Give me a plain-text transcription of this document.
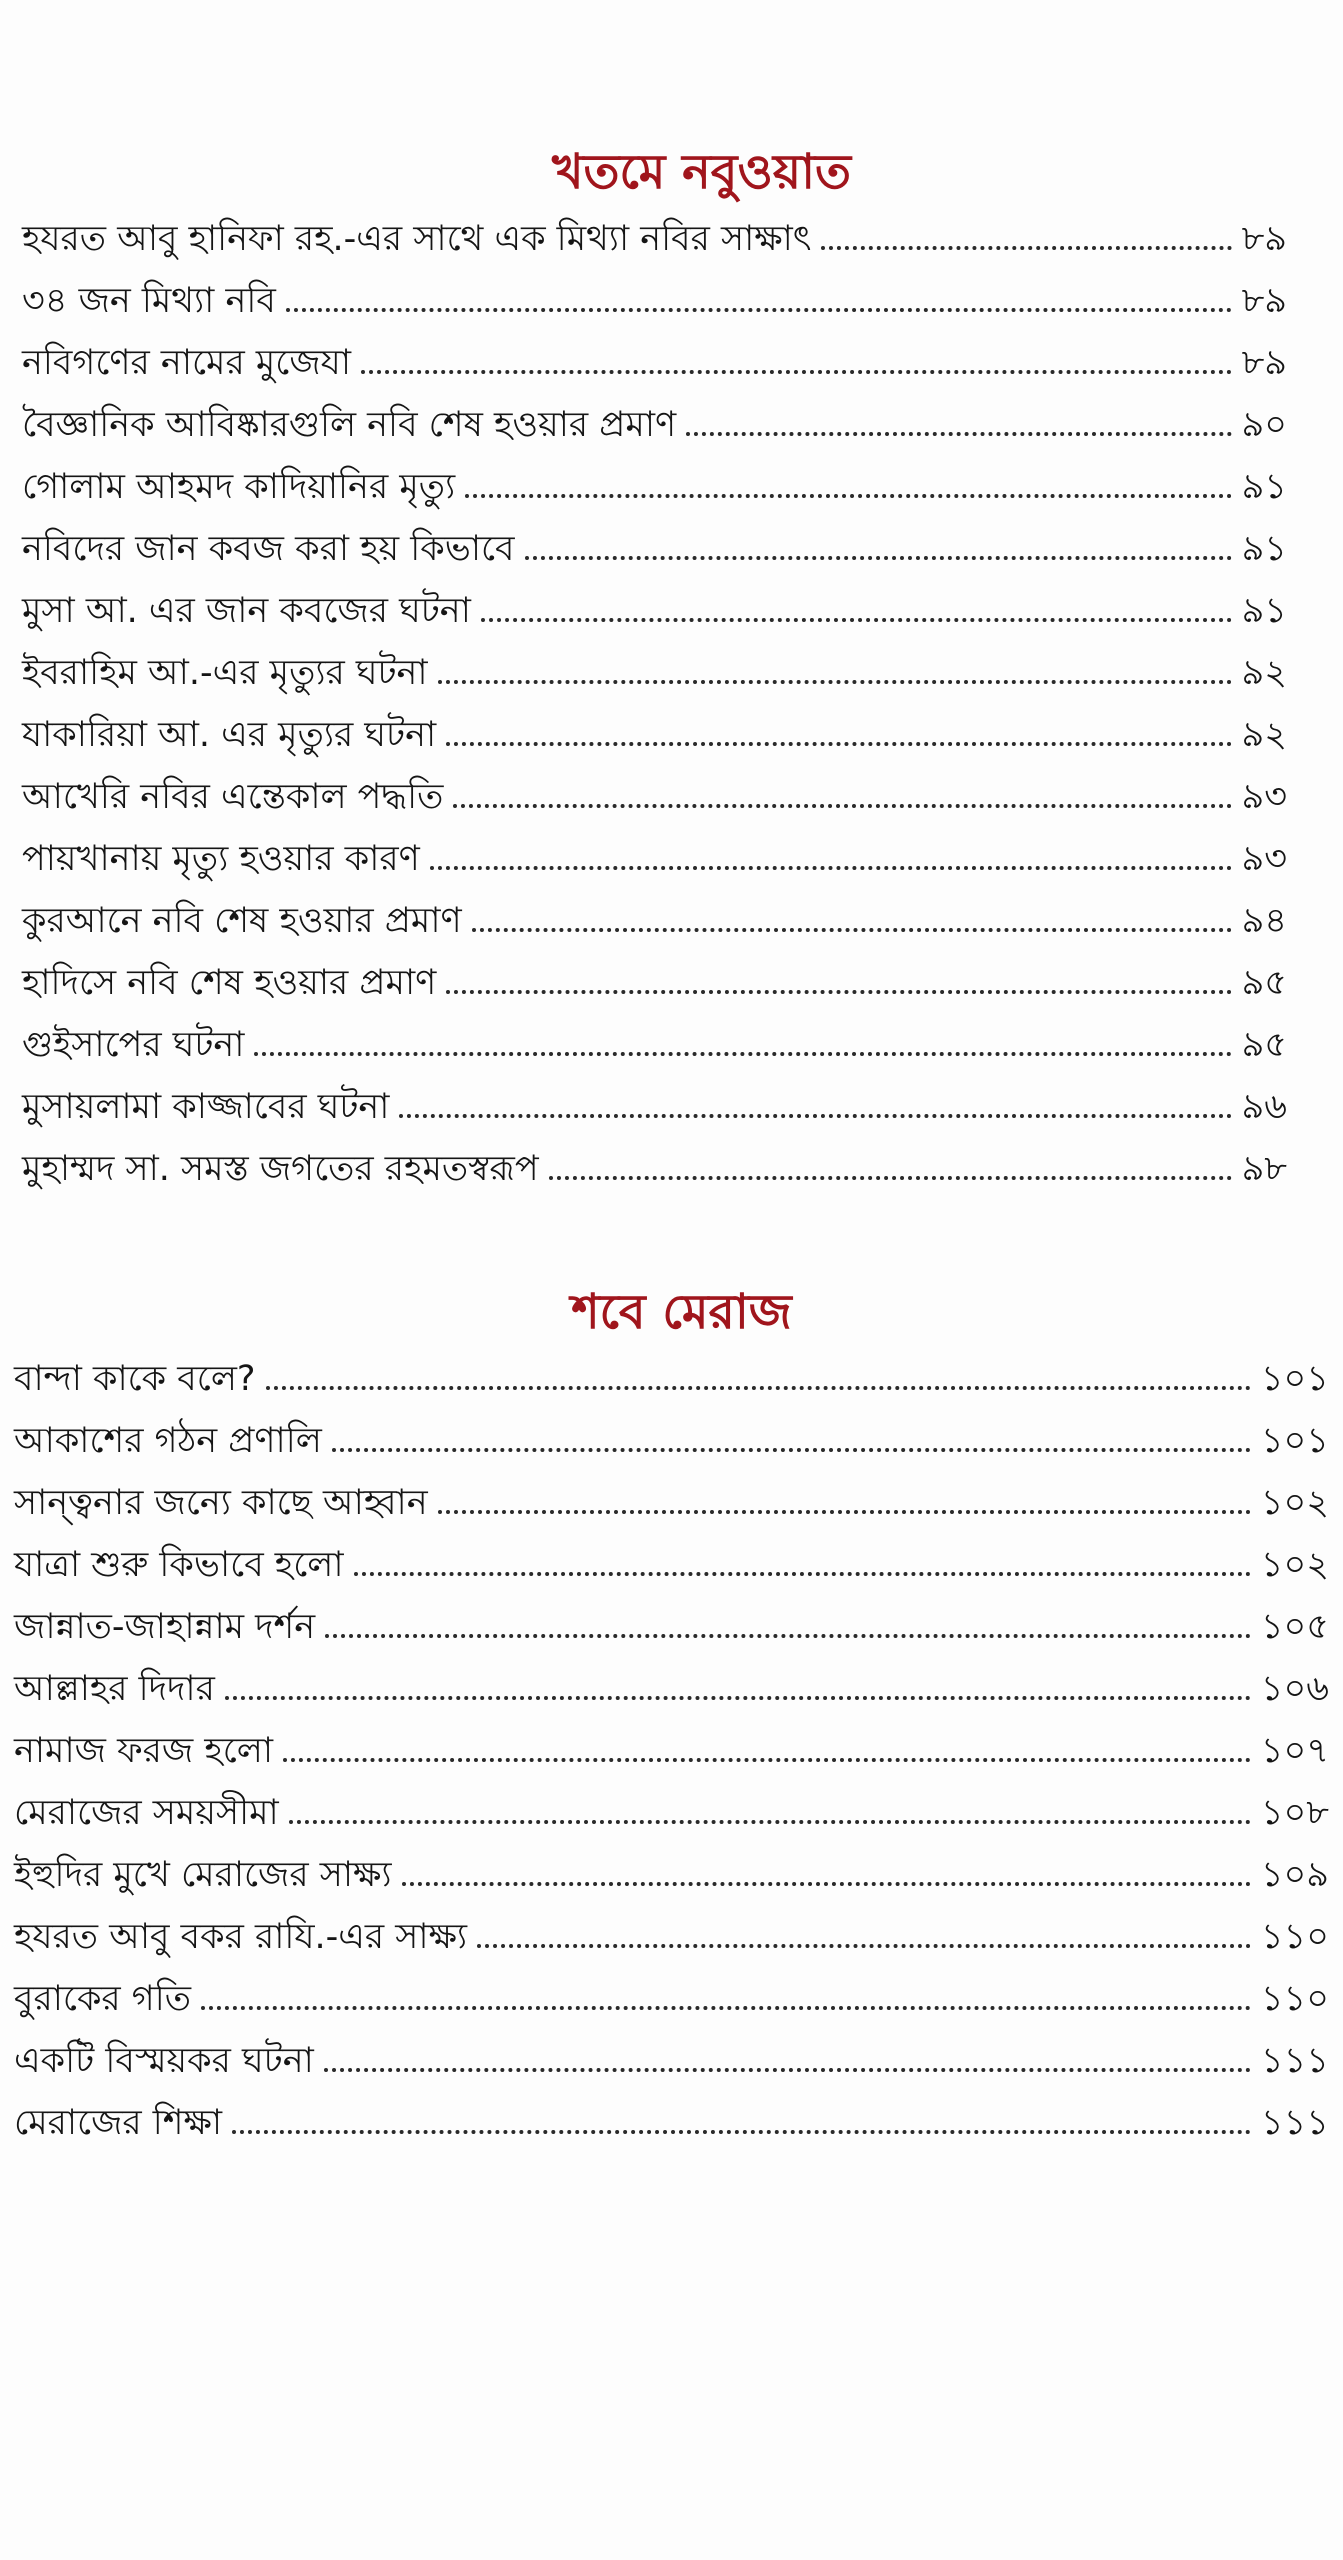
খতমে নবুওয়াত
হযরত আবু হানিফা রহ.-এর সাথে এক মিথ্যা নবির সাক্ষাৎ	৮৯
৩৪ জন মিথ্যা নবি	৮৯
নবিগণের নামের মুজেযা	৮৯
বৈজ্ঞানিক আবিষ্কারগুলি নবি শেষ হওয়ার প্রমাণ	৯০
গোলাম আহমদ কাদিয়ানির মৃত্যু	৯১
নবিদের জান কবজ করা হয় কিভাবে	৯১
মুসা আ. এর জান কবজের ঘটনা	৯১
ইবরাহিম আ.-এর মৃত্যুর ঘটনা	৯২
যাকারিয়া আ. এর মৃত্যুর ঘটনা	৯২
আখেরি নবির এন্তেকাল পদ্ধতি	৯৩
পায়খানায় মৃত্যু হওয়ার কারণ	৯৩
কুরআনে নবি শেষ হওয়ার প্রমাণ	৯৪
হাদিসে নবি শেষ হওয়ার প্রমাণ	৯৫
গুইসাপের ঘটনা	৯৫
মুসায়লামা কাজ্জাবের ঘটনা	৯৬
মুহাম্মদ সা. সমস্ত জগতের রহমতস্বরূপ	৯৮
শবে মেরাজ
বান্দা কাকে বলে?	১০১
আকাশের গঠন প্রণালি	১০১
সান্ত্বনার জন্যে কাছে আহ্বান	১০২
যাত্রা শুরু কিভাবে হলো	১০২
জান্নাত-জাহান্নাম দর্শন	১০৫
আল্লাহর দিদার	১০৬
নামাজ ফরজ হলো	১০৭
মেরাজের সময়সীমা	১০৮
ইহুদির মুখে মেরাজের সাক্ষ্য	১০৯
হযরত আবু বকর রাযি.-এর সাক্ষ্য	১১০
বুরাকের গতি	১১০
একটি বিস্ময়কর ঘটনা	১১১
মেরাজের শিক্ষা	১১১
